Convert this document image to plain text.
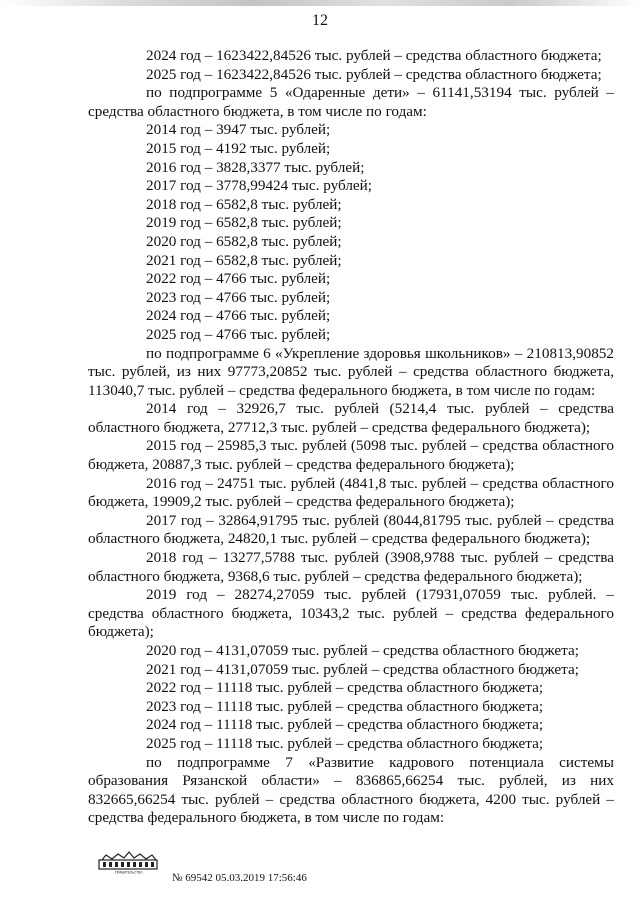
12

2024 год – 1623422,84526 тыс. рублей – средства областного бюджета;

2025 год – 1623422,84526 тыс. рублей – средства областного бюджета;

по подпрограмме 5 «Одаренные дети» – 61141,53194 тыс. рублей – средства областного бюджета, в том числе по годам:

2014 год – 3947 тыс. рублей;

2015 год – 4192 тыс. рублей;

2016 год – 3828,3377 тыс. рублей;

2017 год – 3778,99424 тыс. рублей;

2018 год – 6582,8 тыс. рублей;

2019 год – 6582,8 тыс. рублей;

2020 год – 6582,8 тыс. рублей;

2021 год – 6582,8 тыс. рублей;

2022 год – 4766 тыс. рублей;

2023 год – 4766 тыс. рублей;

2024 год – 4766 тыс. рублей;

2025 год – 4766 тыс. рублей;

по подпрограмме 6 «Укрепление здоровья школьников» – 210813,90852 тыс. рублей, из них 97773,20852 тыс. рублей – средства областного бюджета, 113040,7 тыс. рублей – средства федерального бюджета, в том числе по годам:

2014 год – 32926,7 тыс. рублей (5214,4 тыс. рублей – средства областного бюджета, 27712,3 тыс. рублей – средства федерального бюджета);

2015 год – 25985,3 тыс. рублей (5098 тыс. рублей – средства областного бюджета, 20887,3 тыс. рублей – средства федерального бюджета);

2016 год – 24751 тыс. рублей (4841,8 тыс. рублей – средства областного бюджета, 19909,2 тыс. рублей – средства федерального бюджета);

2017 год – 32864,91795 тыс. рублей (8044,81795 тыс. рублей – средства областного бюджета, 24820,1 тыс. рублей – средства федерального бюджета);

2018 год – 13277,5788 тыс. рублей (3908,9788 тыс. рублей – средства областного бюджета, 9368,6 тыс. рублей – средства федерального бюджета);

2019 год – 28274,27059 тыс. рублей (17931,07059 тыс. рублей. – средства областного бюджета, 10343,2 тыс. рублей – средства федерального бюджета);

2020 год – 4131,07059 тыс. рублей – средства областного бюджета;

2021 год – 4131,07059 тыс. рублей – средства областного бюджета;

2022 год – 11118 тыс. рублей – средства областного бюджета;

2023 год – 11118 тыс. рублей – средства областного бюджета;

2024 год – 11118 тыс. рублей – средства областного бюджета;

2025 год – 11118 тыс. рублей – средства областного бюджета;

по подпрограмме 7 «Развитие кадрового потенциала системы образования Рязанской области» – 836865,66254 тыс. рублей, из них 832665,66254 тыс. рублей – средства областного бюджета, 4200 тыс. рублей – средства федерального бюджета, в том числе по годам:

ПРАВИТЕЛЬСТВО	№ 69542 05.03.2019 17:56:46
